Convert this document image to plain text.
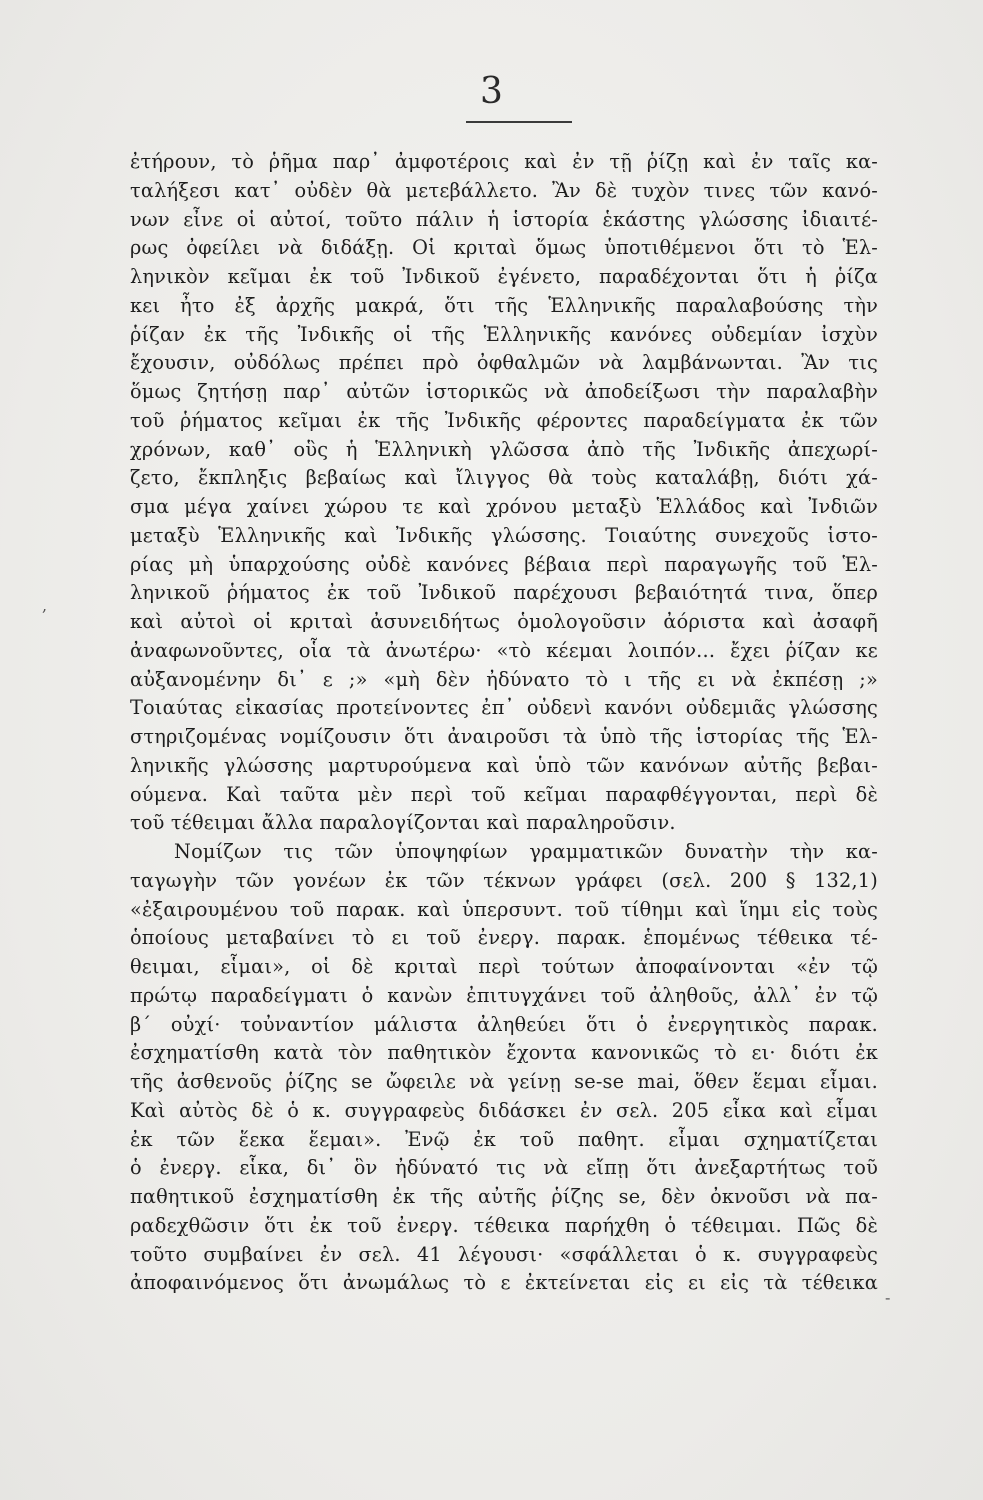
3
,
-
ἐτήρουν, τὸ ῥῆμα παρ᾽ ἀμφοτέροις καὶ ἐν τῇ ῥίζῃ καὶ ἐν ταῖς κα-
ταλήξεσι κατ᾽ οὐδὲν θὰ μετεβάλλετο. Ἂν δὲ τυχὸν τινες τῶν κανό-
νων εἶνε οἱ αὐτοί, τοῦτο πάλιν ἡ ἱστορία ἑκάστης γλώσσης ἰδιαιτέ-
ρως ὀφείλει νὰ διδάξῃ. Οἱ κριταὶ ὅμως ὑποτιθέμενοι ὅτι τὸ Ἑλ-
ληνικὸν κεῖμαι ἐκ τοῦ Ἰνδικοῦ ἐγένετο, παραδέχονται ὅτι ἡ ῥίζα
κει ἦτο ἐξ ἀρχῆς μακρά, ὅτι τῆς Ἑλληνικῆς παραλαβούσης τὴν
ῥίζαν ἐκ τῆς Ἰνδικῆς οἱ τῆς Ἑλληνικῆς κανόνες οὐδεμίαν ἰσχὺν
ἔχουσιν, οὐδόλως πρέπει πρὸ ὀφθαλμῶν νὰ λαμβάνωνται. Ἂν τις
ὅμως ζητήσῃ παρ᾽ αὐτῶν ἱστορικῶς νὰ ἀποδείξωσι τὴν παραλαβὴν
τοῦ ῥήματος κεῖμαι ἐκ τῆς Ἰνδικῆς φέροντες παραδείγματα ἐκ τῶν
χρόνων, καθ᾽ οὓς ἡ Ἑλληνικὴ γλῶσσα ἀπὸ τῆς Ἰνδικῆς ἀπεχωρί-
ζετο, ἔκπληξις βεβαίως καὶ ἴλιγγος θὰ τοὺς καταλάβῃ, διότι χά-
σμα μέγα χαίνει χώρου τε καὶ χρόνου μεταξὺ Ἑλλάδος καὶ Ἰνδιῶν
μεταξὺ Ἑλληνικῆς καὶ Ἰνδικῆς γλώσσης. Τοιαύτης συνεχοῦς ἱστο-
ρίας μὴ ὑπαρχούσης οὐδὲ κανόνες βέβαια περὶ παραγωγῆς τοῦ Ἑλ-
ληνικοῦ ῥήματος ἐκ τοῦ Ἰνδικοῦ παρέχουσι βεβαιότητά τινα, ὅπερ
καὶ αὐτοὶ οἱ κριταὶ ἀσυνειδήτως ὁμολογοῦσιν ἀόριστα καὶ ἀσαφῆ
ἀναφωνοῦντες, οἷα τὰ ἀνωτέρω· «τὸ κέεμαι λοιπόν... ἔχει ῥίζαν κε
αὐξανομένην δι᾽ ε ;» «μὴ δὲν ἠδύνατο τὸ ι τῆς ει νὰ ἐκπέσῃ ;»
Τοιαύτας εἰκασίας προτείνοντες ἐπ᾽ οὐδενὶ κανόνι οὐδεμιᾶς γλώσσης
στηριζομένας νομίζουσιν ὅτι ἀναιροῦσι τὰ ὑπὸ τῆς ἱστορίας τῆς Ἑλ-
ληνικῆς γλώσσης μαρτυρούμενα καὶ ὑπὸ τῶν κανόνων αὐτῆς βεβαι-
ούμενα. Καὶ ταῦτα μὲν περὶ τοῦ κεῖμαι παραφθέγγονται, περὶ δὲ
τοῦ τέθειμαι ἄλλα παραλογίζονται καὶ παραληροῦσιν.
Νομίζων τις τῶν ὑποψηφίων γραμματικῶν δυνατὴν τὴν κα-
ταγωγὴν τῶν γονέων ἐκ τῶν τέκνων γράφει (σελ. 200 § 132,1)
«ἐξαιρουμένου τοῦ παρακ. καὶ ὑπερσυντ. τοῦ τίθημι καὶ ἵημι εἰς τοὺς
ὁποίους μεταβαίνει τὸ ει τοῦ ἐνεργ. παρακ. ἑπομένως τέθεικα τέ-
θειμαι, εἷμαι», οἱ δὲ κριταὶ περὶ τούτων ἀποφαίνονται «ἐν τῷ
πρώτῳ παραδείγματι ὁ κανὼν ἐπιτυγχάνει τοῦ ἀληθοῦς, ἀλλ᾽ ἐν τῷ
β´ οὐχί· τοὐναντίον μάλιστα ἀληθεύει ὅτι ὁ ἐνεργητικὸς παρακ.
ἐσχηματίσθη κατὰ τὸν παθητικὸν ἔχοντα κανονικῶς τὸ ει· διότι ἐκ
τῆς ἀσθενοῦς ῥίζης se ὤφειλε νὰ γείνῃ se-se mai, ὅθεν ἕεμαι εἷμαι.
Καὶ αὐτὸς δὲ ὁ κ. συγγραφεὺς διδάσκει ἐν σελ. 205 εἷκα καὶ εἷμαι
ἐκ τῶν ἕεκα ἕεμαι». Ἐνῷ ἐκ τοῦ παθητ. εἷμαι σχηματίζεται
ὁ ἐνεργ. εἷκα, δι᾽ ὃν ἠδύνατό τις νὰ εἴπῃ ὅτι ἀνεξαρτήτως τοῦ
παθητικοῦ ἐσχηματίσθη ἐκ τῆς αὐτῆς ῥίζης se, δὲν ὀκνοῦσι νὰ πα-
ραδεχθῶσιν ὅτι ἐκ τοῦ ἐνεργ. τέθεικα παρήχθη ὁ τέθειμαι. Πῶς δὲ
τοῦτο συμβαίνει ἐν σελ. 41 λέγουσι· «σφάλλεται ὁ κ. συγγραφεὺς
ἀποφαινόμενος ὅτι ἀνωμάλως τὸ ε ἐκτείνεται εἰς ει εἰς τὰ τέθεικα
